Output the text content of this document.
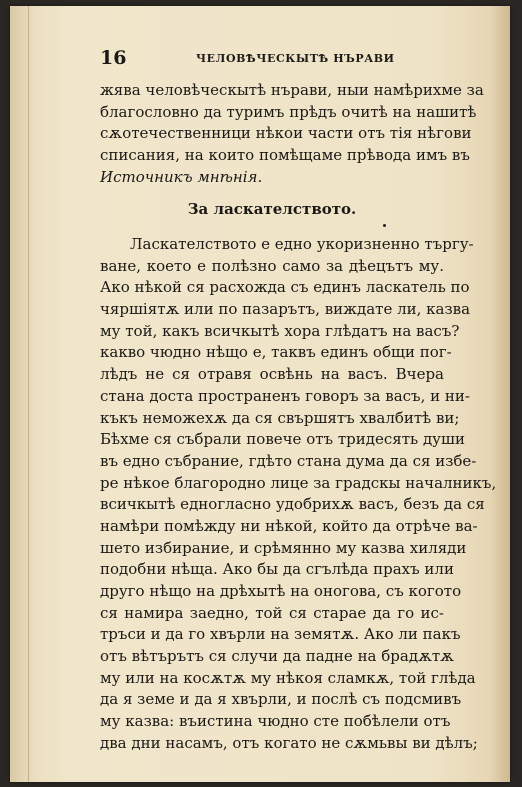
16	ЧЕЛОВѢЧЕСКЫТѢ НЪРАВИ
жява человѣческытѣ нърави, ныи намѣрихме за
благословно да туримъ прѣдъ очитѣ на нашитѣ
сѫотечественници нѣкои части отъ тія нѣгови
списания, на които помѣщаме прѣвода имъ въ
Источникъ мнѣнія.
За ласкателството.
Ласкателството е едно укоризненно търгу-
ване, което е полѣзно само за дѣецътъ му.
Ако нѣкой ся расхожда съ единъ ласкатель по
чяршіятѫ или по пазарътъ, виждате ли, казва
му той, какъ всичкытѣ хора глѣдатъ на васъ?
какво чюдно нѣщо е, таквъ единъ общи пог-
лѣдъ не ся отравя освѣнь на васъ. Вчера
стана доста пространенъ говоръ за васъ, и ни-
къкъ неможехѫ да ся свършятъ хвалбитѣ ви;
Бѣхме ся събрали повече отъ тридесять души
въ едно събрание, гдѣто стана дума да ся избе-
ре нѣкое благородно лице за градскы началникъ,
всичкытѣ едногласно удобрихѫ васъ, безъ да ся
намѣри помѣжду ни нѣкой, който да отрѣче ва-
шето избирание, и срѣмянно му казва хиляди
подобни нѣща. Ако бы да сгълѣда прахъ или
друго нѣщо на дрѣхытѣ на оногова, съ когото
ся намира заедно, той ся старае да го ис-
тръси и да го хвърли на земятѫ. Ако ли пакъ
отъ вѣтърътъ ся случи да падне на брадѫтѫ
му или на косѫтѫ му нѣкоя сламкѫ, той глѣда
да я земе и да я хвърли, и послѣ съ подсмивъ
му казва: въистина чюдно сте побѣлели отъ
два дни насамъ, отъ когато не сѫмьвы ви дѣлъ;
